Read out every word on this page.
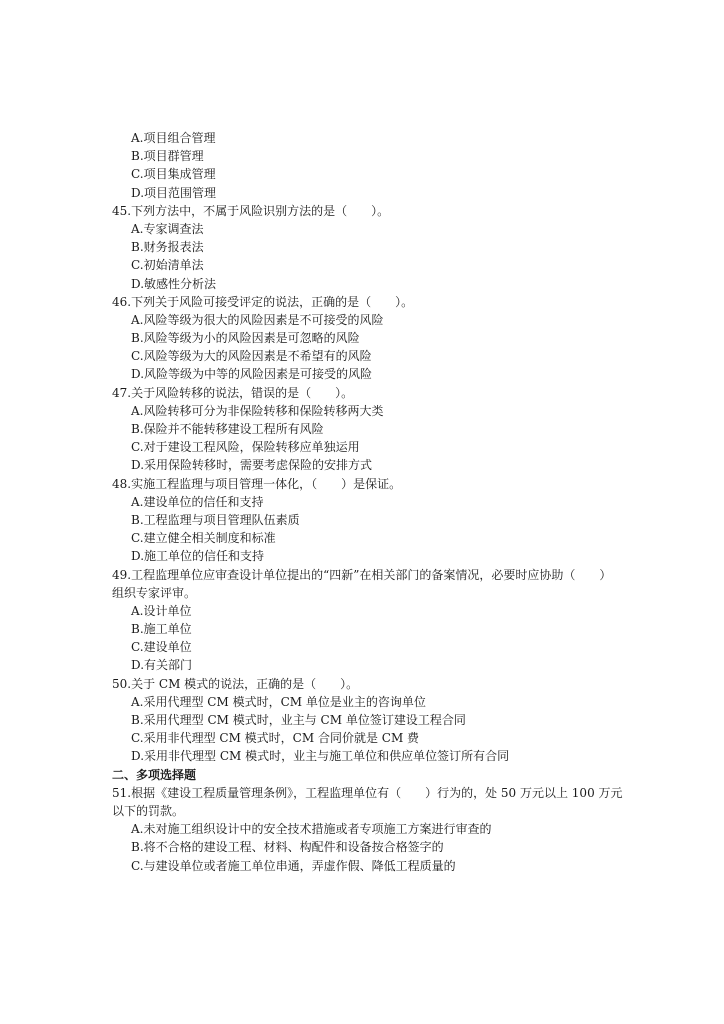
A.项目组合管理
B.项目群管理
C.项目集成管理
D.项目范围管理
45.下列方法中，不属于风险识别方法的是（　　）。
A.专家调查法
B.财务报表法
C.初始清单法
D.敏感性分析法
46.下列关于风险可接受评定的说法，正确的是（　　）。
A.风险等级为很大的风险因素是不可接受的风险
B.风险等级为小的风险因素是可忽略的风险
C.风险等级为大的风险因素是不希望有的风险
D.风险等级为中等的风险因素是可接受的风险
47.关于风险转移的说法，错误的是（　　）。
A.风险转移可分为非保险转移和保险转移两大类
B.保险并不能转移建设工程所有风险
C.对于建设工程风险，保险转移应单独运用
D.采用保险转移时，需要考虑保险的安排方式
48.实施工程监理与项目管理一体化，（　　）是保证。
A.建设单位的信任和支持
B.工程监理与项目管理队伍素质
C.建立健全相关制度和标准
D.施工单位的信任和支持
49.工程监理单位应审查设计单位提出的“四新”在相关部门的备案情况，必要时应协助（　　）
组织专家评审。
A.设计单位
B.施工单位
C.建设单位
D.有关部门
50.关于 CM 模式的说法，正确的是（　　）。
A.采用代理型 CM 模式时，CM 单位是业主的咨询单位
B.采用代理型 CM 模式时，业主与 CM 单位签订建设工程合同
C.采用非代理型 CM 模式时，CM 合同价就是 CM 费
D.采用非代理型 CM 模式时，业主与施工单位和供应单位签订所有合同
二、多项选择题
51.根据《建设工程质量管理条例》，工程监理单位有（　　）行为的，处 50 万元以上 100 万元
以下的罚款。
A.未对施工组织设计中的安全技术措施或者专项施工方案进行审查的
B.将不合格的建设工程、材料、构配件和设备按合格签字的
C.与建设单位或者施工单位串通，弄虚作假、降低工程质量的
